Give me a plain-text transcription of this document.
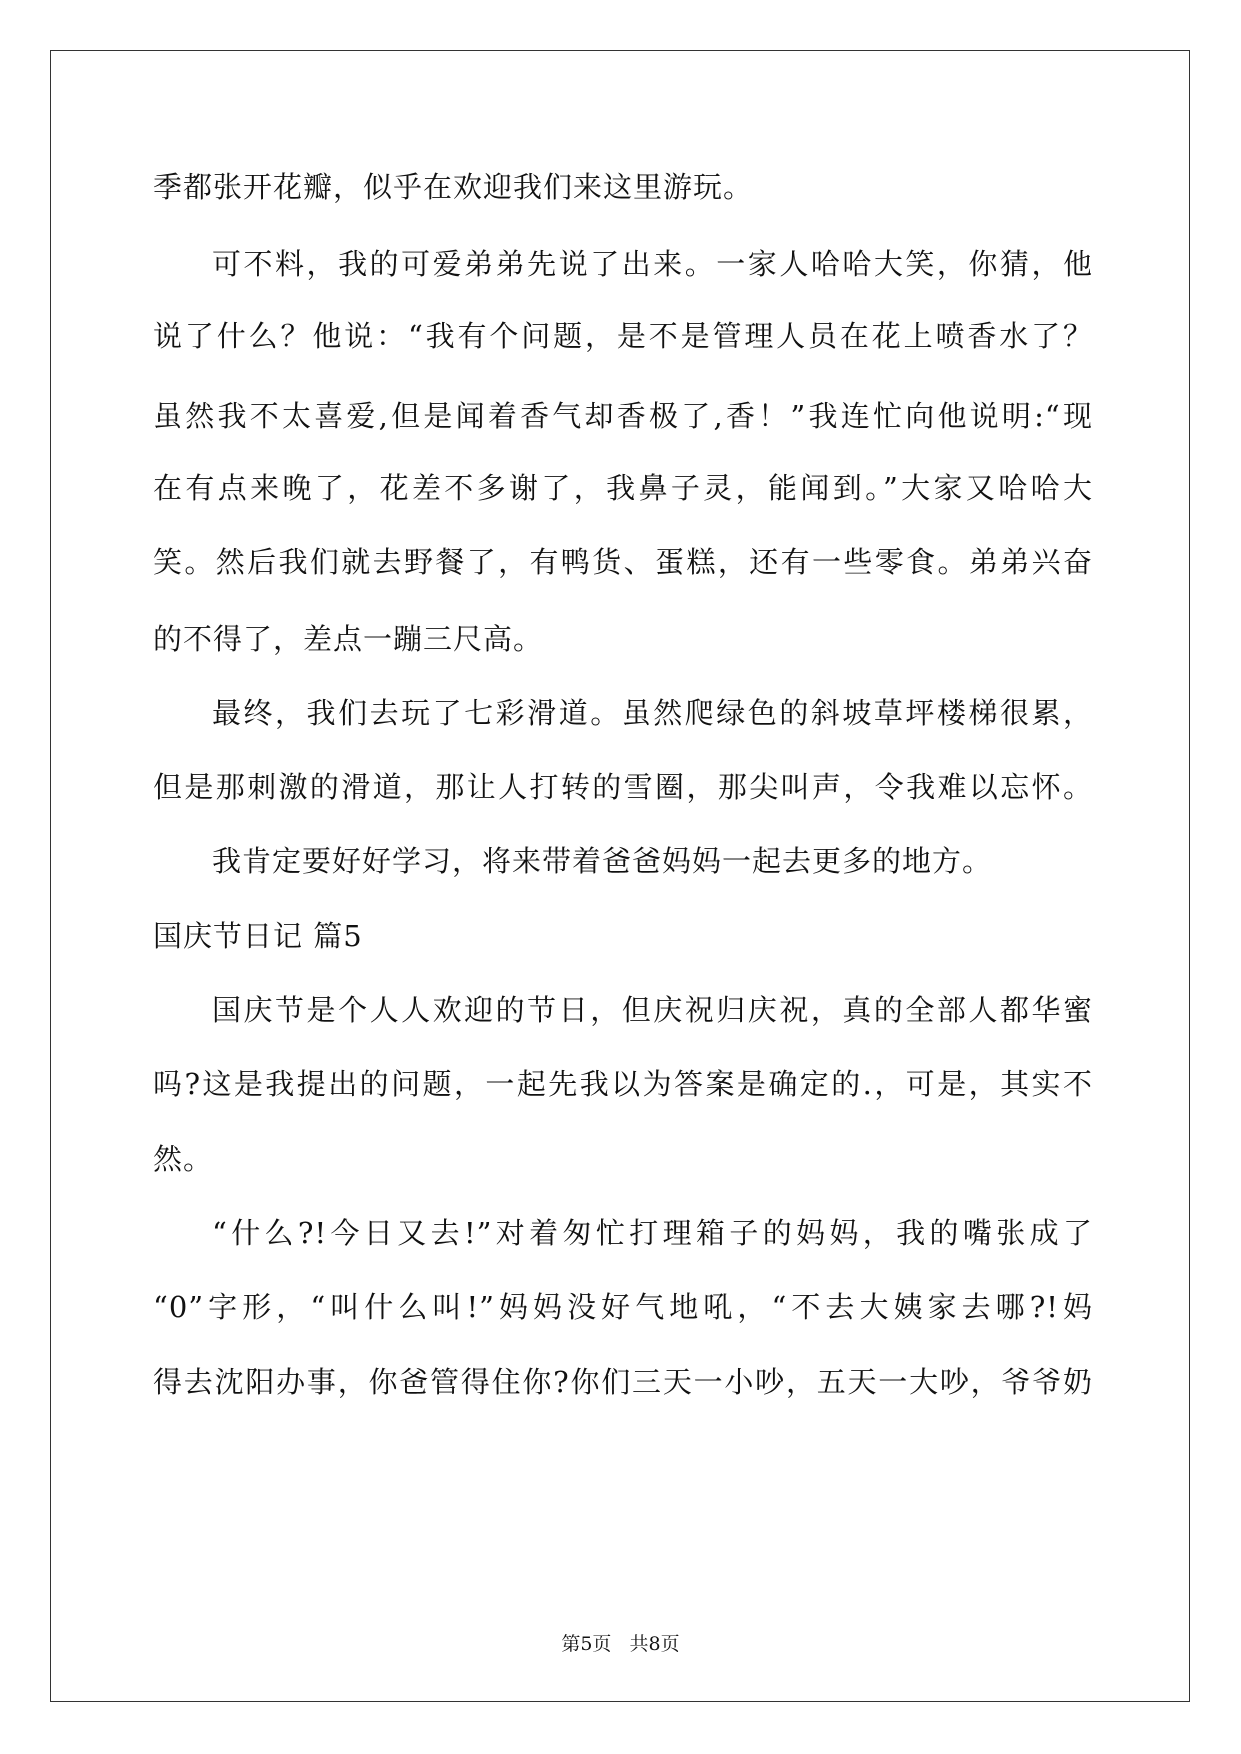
季都张开花瓣，似乎在欢迎我们来这里游玩。
可不料，我的可爱弟弟先说了出来。一家人哈哈大笑，你猜，他
说了什么？他说：“我有个问题，是不是管理人员在花上喷香水了？
虽然我不太喜爱,但是闻着香气却香极了,香！”我连忙向他说明:“现
在有点来晚了，花差不多谢了，我鼻子灵，能闻到。”大家又哈哈大
笑。然后我们就去野餐了，有鸭货、蛋糕，还有一些零食。弟弟兴奋
的不得了，差点一蹦三尺高。
最终，我们去玩了七彩滑道。虽然爬绿色的斜坡草坪楼梯很累，
但是那刺激的滑道，那让人打转的雪圈，那尖叫声，令我难以忘怀。
我肯定要好好学习，将来带着爸爸妈妈一起去更多的地方。
国庆节日记 篇5
国庆节是个人人欢迎的节日，但庆祝归庆祝，真的全部人都华蜜
吗?这是我提出的问题，一起先我以为答案是确定的.，可是，其实不
然。
“什么?!今日又去!”对着匆忙打理箱子的妈妈，我的嘴张成了
“0”字形，“叫什么叫!”妈妈没好气地吼，“不去大姨家去哪?!妈
得去沈阳办事，你爸管得住你?你们三天一小吵，五天一大吵，爷爷奶
第5页   共8页
